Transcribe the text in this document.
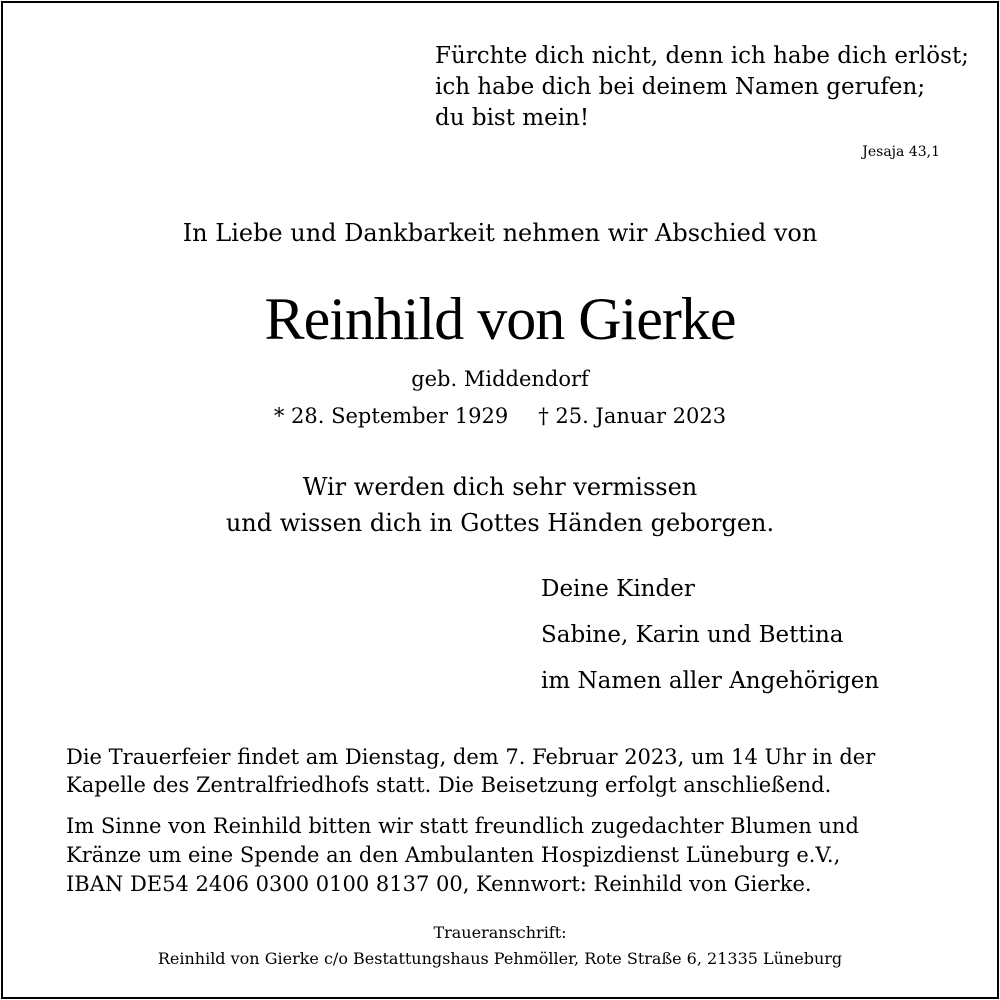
Fürchte dich nicht, denn ich habe dich erlöst;
ich habe dich bei deinem Namen gerufen;
du bist mein!
Jesaja 43,1
In Liebe und Dankbarkeit nehmen wir Abschied von
Reinhild von Gierke
geb. Middendorf
* 28. September 1929 † 25. Januar 2023
Wir werden dich sehr vermissen
und wissen dich in Gottes Händen geborgen.
Deine Kinder
Sabine, Karin und Bettina
im Namen aller Angehörigen
Die Trauerfeier findet am Dienstag, dem 7. Februar 2023, um 14 Uhr in der
Kapelle des Zentralfriedhofs statt. Die Beisetzung erfolgt anschließend.
Im Sinne von Reinhild bitten wir statt freundlich zugedachter Blumen und
Kränze um eine Spende an den Ambulanten Hospizdienst Lüneburg e.V.,
IBAN DE54 2406 0300 0100 8137 00, Kennwort: Reinhild von Gierke.
Traueranschrift:
Reinhild von Gierke c/o Bestattungshaus Pehmöller, Rote Straße 6, 21335 Lüneburg
